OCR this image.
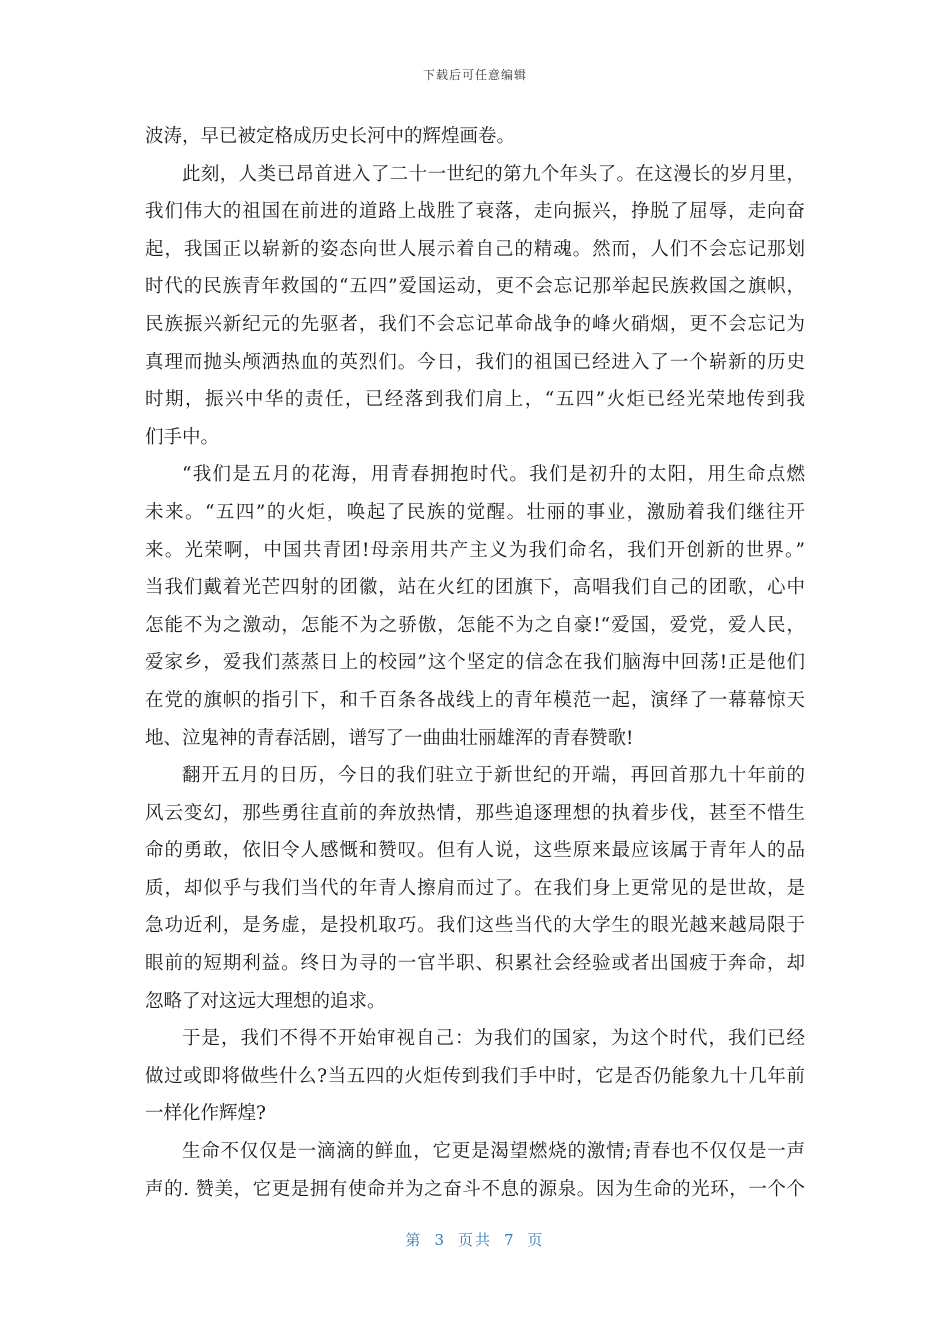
下载后可任意编辑
波涛，早已被定格成历史长河中的辉煌画卷。
此刻，人类已昂首进入了二十一世纪的第九个年头了。在这漫长的岁月里，
我们伟大的祖国在前进的道路上战胜了衰落，走向振兴，挣脱了屈辱，走向奋
起，我国正以崭新的姿态向世人展示着自己的精魂。然而，人们不会忘记那划
时代的民族青年救国的“五四”爱国运动，更不会忘记那举起民族救国之旗帜，
民族振兴新纪元的先驱者，我们不会忘记革命战争的峰火硝烟，更不会忘记为
真理而抛头颅洒热血的英烈们。今日，我们的祖国已经进入了一个崭新的历史
时期，振兴中华的责任，已经落到我们肩上，“五四”火炬已经光荣地传到我
们手中。
“我们是五月的花海，用青春拥抱时代。我们是初升的太阳，用生命点燃
未来。“五四”的火炬，唤起了民族的觉醒。壮丽的事业，激励着我们继往开
来。光荣啊，中国共青团!母亲用共产主义为我们命名，我们开创新的世界。”
当我们戴着光芒四射的团徽，站在火红的团旗下，高唱我们自己的团歌，心中
怎能不为之激动，怎能不为之骄傲，怎能不为之自豪!“爱国，爱党，爱人民，
爱家乡，爱我们蒸蒸日上的校园”这个坚定的信念在我们脑海中回荡!正是他们
在党的旗帜的指引下，和千百条各战线上的青年模范一起，演绎了一幕幕惊天
地、泣鬼神的青春活剧，谱写了一曲曲壮丽雄浑的青春赞歌!
翻开五月的日历，今日的我们驻立于新世纪的开端，再回首那九十年前的
风云变幻，那些勇往直前的奔放热情，那些追逐理想的执着步伐，甚至不惜生
命的勇敢，依旧令人感慨和赞叹。但有人说，这些原来最应该属于青年人的品
质，却似乎与我们当代的年青人擦肩而过了。在我们身上更常见的是世故，是
急功近利，是务虚，是投机取巧。我们这些当代的大学生的眼光越来越局限于
眼前的短期利益。终日为寻的一官半职、积累社会经验或者出国疲于奔命，却
忽略了对这远大理想的追求。
于是，我们不得不开始审视自己：为我们的国家，为这个时代，我们已经
做过或即将做些什么?当五四的火炬传到我们手中时，它是否仍能象九十几年前
一样化作辉煌?
生命不仅仅是一滴滴的鲜血，它更是渴望燃烧的激情;青春也不仅仅是一声
声的. 赞美，它更是拥有使命并为之奋斗不息的源泉。因为生命的光环，一个个
第 3 页共 7 页
